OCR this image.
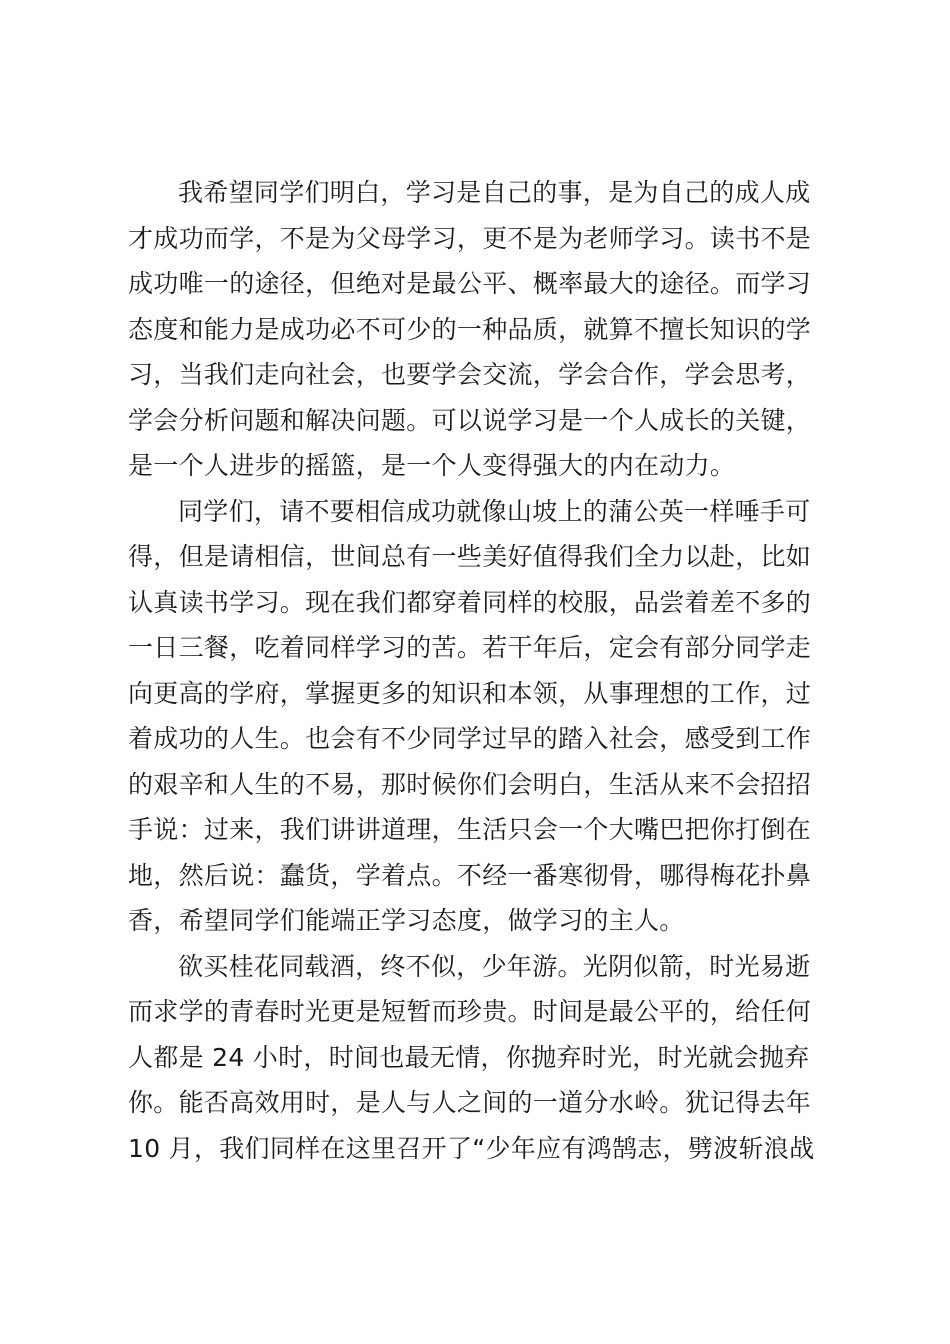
我希望同学们明白，学习是自己的事，是为自己的成人成
才成功而学，不是为父母学习，更不是为老师学习。读书不是
成功唯一的途径，但绝对是最公平、概率最大的途径。而学习
态度和能力是成功必不可少的一种品质，就算不擅长知识的学
习，当我们走向社会，也要学会交流，学会合作，学会思考，
学会分析问题和解决问题。可以说学习是一个人成长的关键，
是一个人进步的摇篮，是一个人变得强大的内在动力。
同学们，请不要相信成功就像山坡上的蒲公英一样唾手可
得，但是请相信，世间总有一些美好值得我们全力以赴，比如
认真读书学习。现在我们都穿着同样的校服，品尝着差不多的
一日三餐，吃着同样学习的苦。若干年后，定会有部分同学走
向更高的学府，掌握更多的知识和本领，从事理想的工作，过
着成功的人生。也会有不少同学过早的踏入社会，感受到工作
的艰辛和人生的不易，那时候你们会明白，生活从来不会招招
手说：过来，我们讲讲道理，生活只会一个大嘴巴把你打倒在
地，然后说：蠢货，学着点。不经一番寒彻骨，哪得梅花扑鼻
香，希望同学们能端正学习态度，做学习的主人。
欲买桂花同载酒，终不似，少年游。光阴似箭，时光易逝
而求学的青春时光更是短暂而珍贵。时间是最公平的，给任何
人都是 24 小时，时间也最无情，你抛弃时光，时光就会抛弃
你。能否高效用时，是人与人之间的一道分水岭。犹记得去年
10 月，我们同样在这里召开了“少年应有鸿鹄志，劈波斩浪战
